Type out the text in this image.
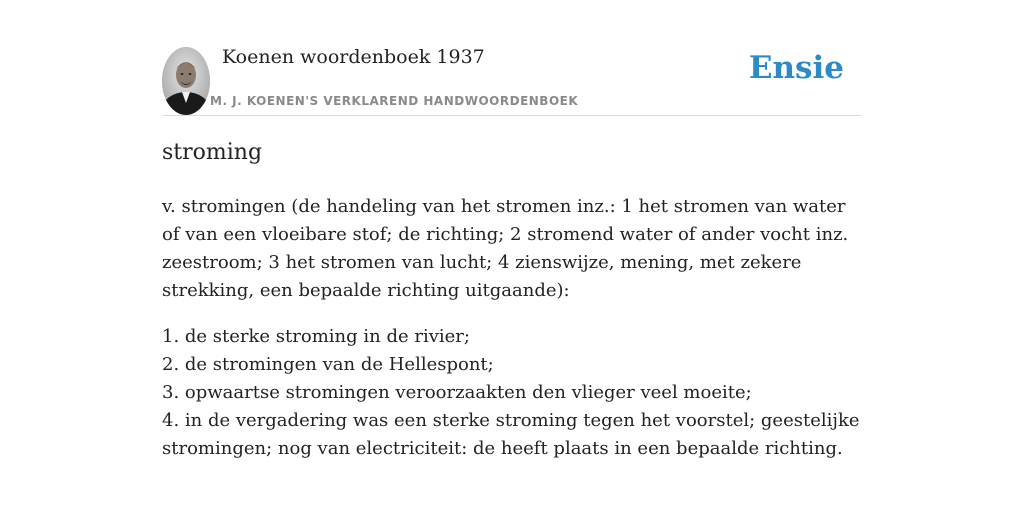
Koenen woordenboek 1937
M. J. KOENEN'S VERKLAREND HANDWOORDENBOEK
Ensie
stroming

v. stromingen (de handeling van het stromen inz.: 1 het stromen van water of van een vloeibare stof; de richting; 2 stromend water of ander vocht inz. zeestroom; 3 het stromen van lucht; 4 zienswijze, mening, met zekere strekking, een bepaalde richting uitgaande):

1. de sterke stroming in de rivier;
2. de stromingen van de Hellespont;
3. opwaartse stromingen veroorzaakten den vlieger veel moeite;
4. in de vergadering was een sterke stroming tegen het voorstel; geestelijke stromingen; nog van electriciteit: de heeft plaats in een bepaalde richting.
